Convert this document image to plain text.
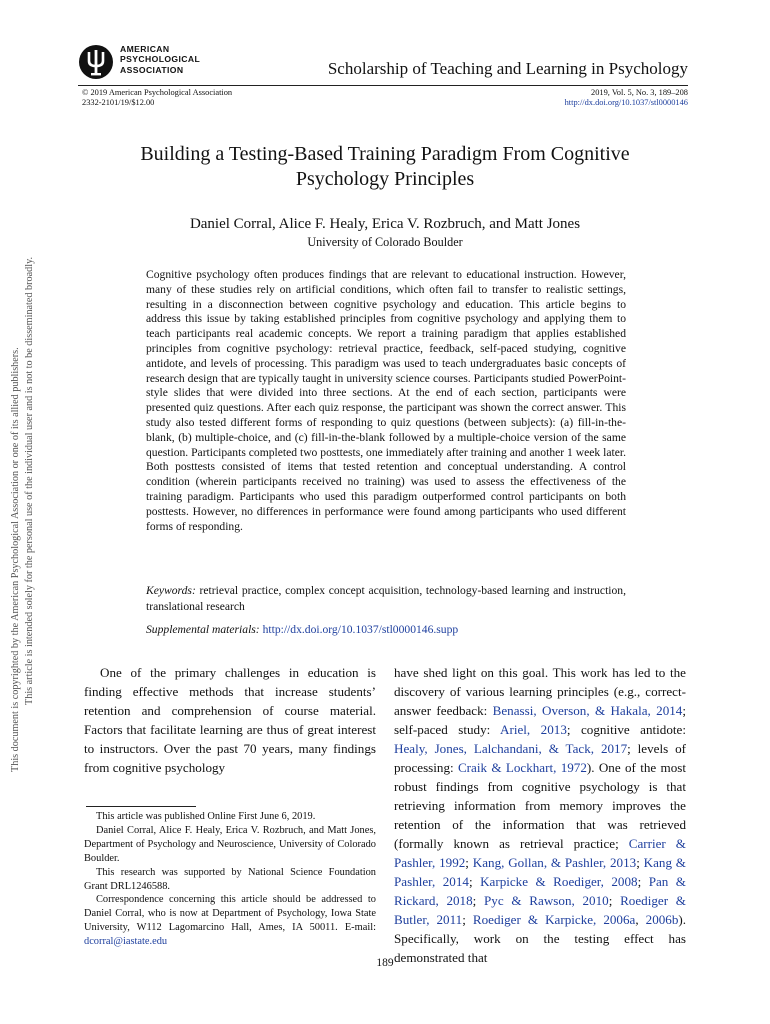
AMERICAN
PSYCHOLOGICAL
ASSOCIATION	Scholarship of Teaching and Learning in Psychology
© 2019 American Psychological Association
2332-2101/19/$12.00
2019, Vol. 5, No. 3, 189–208
http://dx.doi.org/10.1037/stl0000146
Building a Testing-Based Training Paradigm From Cognitive
Psychology Principles
Daniel Corral, Alice F. Healy, Erica V. Rozbruch, and Matt Jones
University of Colorado Boulder
Cognitive psychology often produces findings that are relevant to educational instruction. However, many of these studies rely on artificial conditions, which often fail to transfer to realistic settings, resulting in a disconnection between cognitive psychology and education. This article begins to address this issue by taking established principles from cognitive psychology and applying them to teach participants real academic concepts. We report a training paradigm that applies established principles from cognitive psychology: retrieval practice, feedback, self-paced studying, cognitive antidote, and levels of processing. This paradigm was used to teach undergraduates basic concepts of research design that are typically taught in university science courses. Participants studied PowerPoint-style slides that were divided into three sections. At the end of each section, participants were presented quiz questions. After each quiz response, the participant was shown the correct answer. This study also tested different forms of responding to quiz questions (between subjects): (a) fill-in-the-blank, (b) multiple-choice, and (c) fill-in-the-blank followed by a multiple-choice version of the same question. Participants completed two posttests, one immediately after training and another 1 week later. Both posttests consisted of items that tested retention and conceptual understanding. A control condition (wherein participants received no training) was used to assess the effectiveness of the training paradigm. Participants who used this paradigm outperformed control participants on both posttests. However, no differences in performance were found among participants who used different forms of responding.
Keywords: retrieval practice, complex concept acquisition, technology-based learning and instruction, translational research
Supplemental materials: http://dx.doi.org/10.1037/stl0000146.supp
This document is copyrighted by the American Psychological Association or one of its allied publishers. This article is intended solely for the personal use of the individual user and is not to be disseminated broadly.	One of the primary challenges in education is finding effective methods that increase students’ retention and comprehension of course material. Factors that facilitate learning are thus of great interest to instructors. Over the past 70 years, many findings from cognitive psychology
have shed light on this goal. This work has led to the discovery of various learning principles (e.g., correct-answer feedback: Benassi, Overson, & Hakala, 2014; self-paced study: Ariel, 2013; cognitive antidote: Healy, Jones, Lalchandani, & Tack, 2017; levels of processing: Craik & Lockhart, 1972). One of the most robust findings from cognitive psychology is that retrieving information from memory improves the retention of the information that was retrieved (formally known as retrieval practice; Carrier & Pashler, 1992; Kang, Gollan, & Pashler, 2013; Kang & Pashler, 2014; Karpicke & Roediger, 2008; Pan & Rickard, 2018; Pyc & Rawson, 2010; Roediger & Butler, 2011; Roediger & Karpicke, 2006a, 2006b). Specifically, work on the testing effect has demonstrated that

This article was published Online First June 6, 2019.

Daniel Corral, Alice F. Healy, Erica V. Rozbruch, and Matt Jones, Department of Psychology and Neuroscience, University of Colorado Boulder.

This research was supported by National Science Foundation Grant DRL1246588.

Correspondence concerning this article should be addressed to Daniel Corral, who is now at Department of Psychology, Iowa State University, W112 Lagomarcino Hall, Ames, IA 50011. E-mail: dcorral@iastate.edu

189
